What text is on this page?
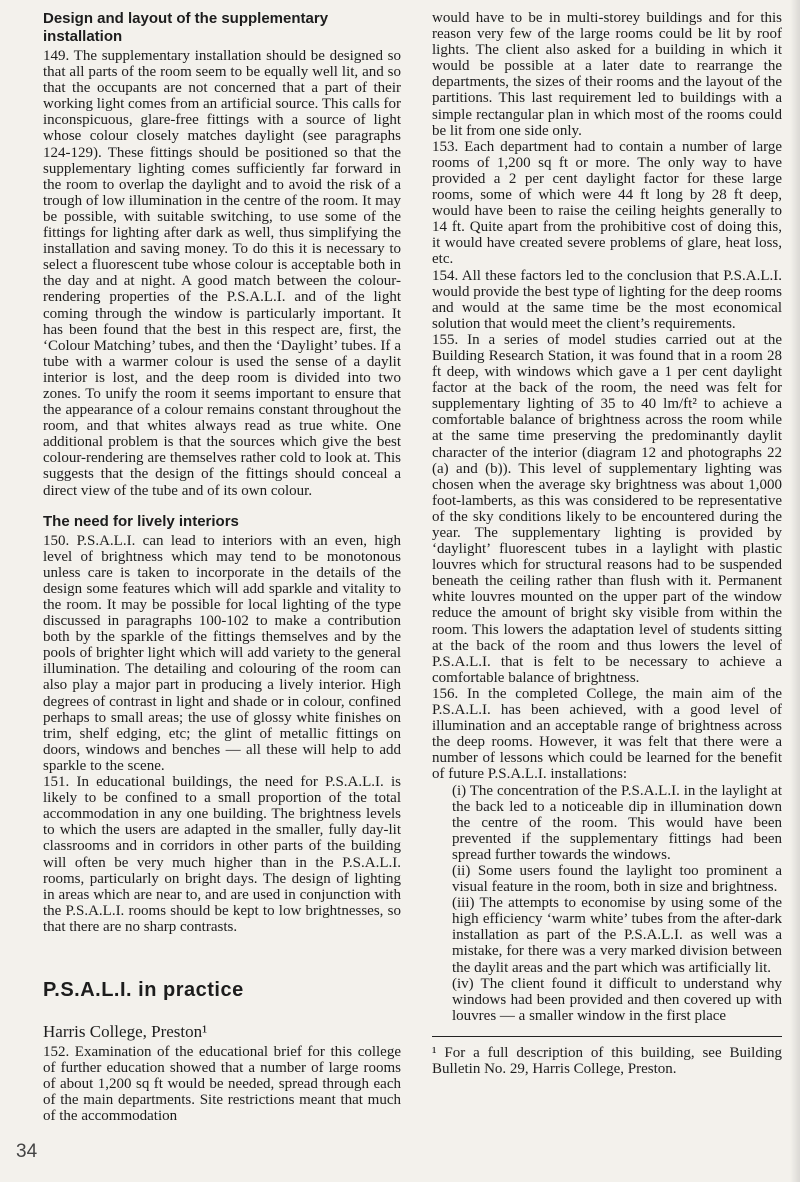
34
Design and layout of the supplementary installation

149. The supplementary installation should be designed so that all parts of the room seem to be equally well lit, and so that the occupants are not concerned that a part of their working light comes from an artificial source. This calls for inconspicuous, glare-free fittings with a source of light whose colour closely matches daylight (see paragraphs 124-129). These fittings should be positioned so that the supplementary lighting comes sufficiently far forward in the room to overlap the daylight and to avoid the risk of a trough of low illumination in the centre of the room. It may be possible, with suitable switching, to use some of the fittings for lighting after dark as well, thus simplifying the installation and saving money. To do this it is necessary to select a fluorescent tube whose colour is acceptable both in the day and at night. A good match between the colour-rendering properties of the P.S.A.L.I. and of the light coming through the window is particularly important. It has been found that the best in this respect are, first, the ‘Colour Matching’ tubes, and then the ‘Daylight’ tubes. If a tube with a warmer colour is used the sense of a daylit interior is lost, and the deep room is divided into two zones. To unify the room it seems important to ensure that the appearance of a colour remains constant throughout the room, and that whites always read as true white. One additional problem is that the sources which give the best colour-rendering are themselves rather cold to look at. This suggests that the design of the fittings should conceal a direct view of the tube and of its own colour.

The need for lively interiors

150. P.S.A.L.I. can lead to interiors with an even, high level of brightness which may tend to be monotonous unless care is taken to incorporate in the details of the design some features which will add sparkle and vitality to the room. It may be possible for local lighting of the type discussed in paragraphs 100-102 to make a contribution both by the sparkle of the fittings themselves and by the pools of brighter light which will add variety to the general illumination. The detailing and colouring of the room can also play a major part in producing a lively interior. High degrees of contrast in light and shade or in colour, confined perhaps to small areas; the use of glossy white finishes on trim, shelf edging, etc; the glint of metallic fittings on doors, windows and benches — all these will help to add sparkle to the scene.

151. In educational buildings, the need for P.S.A.L.I. is likely to be confined to a small proportion of the total accommodation in any one building. The brightness levels to which the users are adapted in the smaller, fully day-lit classrooms and in corridors in other parts of the building will often be very much higher than in the P.S.A.L.I. rooms, particularly on bright days. The design of lighting in areas which are near to, and are used in conjunction with the P.S.A.L.I. rooms should be kept to low brightnesses, so that there are no sharp contrasts.

P.S.A.L.I. in practice
Harris College, Preston¹

152. Examination of the educational brief for this college of further education showed that a number of large rooms of about 1,200 sq ft would be needed, spread through each of the main departments. Site restrictions meant that much of the accommodation

would have to be in multi-storey buildings and for this reason very few of the large rooms could be lit by roof lights. The client also asked for a building in which it would be possible at a later date to rearrange the departments, the sizes of their rooms and the layout of the partitions. This last requirement led to buildings with a simple rectangular plan in which most of the rooms could be lit from one side only.

153. Each department had to contain a number of large rooms of 1,200 sq ft or more. The only way to have provided a 2 per cent daylight factor for these large rooms, some of which were 44 ft long by 28 ft deep, would have been to raise the ceiling heights generally to 14 ft. Quite apart from the prohibitive cost of doing this, it would have created severe problems of glare, heat loss, etc.

154. All these factors led to the conclusion that P.S.A.L.I. would provide the best type of lighting for the deep rooms and would at the same time be the most economical solution that would meet the client’s requirements.

155. In a series of model studies carried out at the Building Research Station, it was found that in a room 28 ft deep, with windows which gave a 1 per cent daylight factor at the back of the room, the need was felt for supplementary lighting of 35 to 40 lm/ft² to achieve a comfortable balance of brightness across the room while at the same time preserving the predominantly daylit character of the interior (diagram 12 and photographs 22 (a) and (b)). This level of supplementary lighting was chosen when the average sky brightness was about 1,000 foot-lamberts, as this was considered to be representative of the sky conditions likely to be encountered during the year. The supplementary lighting is provided by ‘daylight’ fluorescent tubes in a laylight with plastic louvres which for structural reasons had to be suspended beneath the ceiling rather than flush with it. Permanent white louvres mounted on the upper part of the window reduce the amount of bright sky visible from within the room. This lowers the adaptation level of students sitting at the back of the room and thus lowers the level of P.S.A.L.I. that is felt to be necessary to achieve a comfortable balance of brightness.

156. In the completed College, the main aim of the P.S.A.L.I. has been achieved, with a good level of illumination and an acceptable range of brightness across the deep rooms. However, it was felt that there were a number of lessons which could be learned for the benefit of future P.S.A.L.I. installations:

(i) The concentration of the P.S.A.L.I. in the laylight at the back led to a noticeable dip in illumination down the centre of the room. This would have been prevented if the supplementary fittings had been spread further towards the windows.

(ii) Some users found the laylight too prominent a visual feature in the room, both in size and brightness.

(iii) The attempts to economise by using some of the high efficiency ‘warm white’ tubes from the after-dark installation as part of the P.S.A.L.I. as well was a mistake, for there was a very marked division between the daylit areas and the part which was artificially lit.

(iv) The client found it difficult to understand why windows had been provided and then covered up with louvres — a smaller window in the first place

¹ For a full description of this building, see Building Bulletin No. 29, Harris College, Preston.
